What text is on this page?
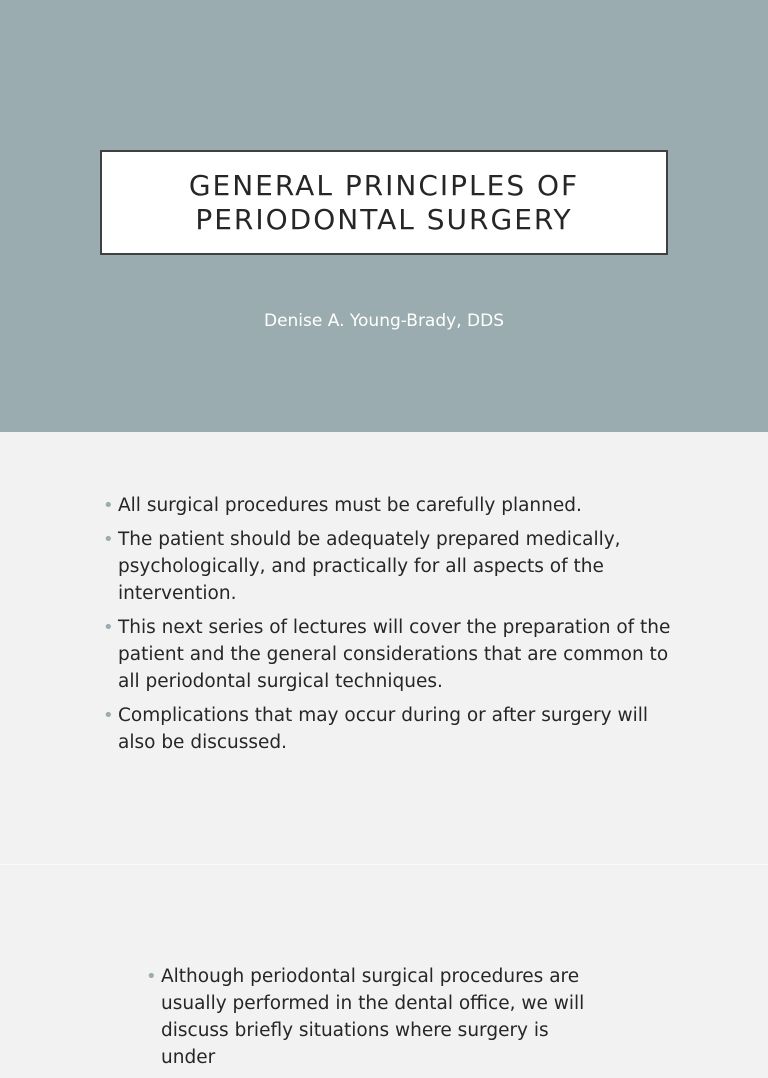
GENERAL PRINCIPLES OF
PERIODONTAL SURGERY
Denise A. Young-Brady, DDS
• All surgical procedures must be carefully planned.
• The patient should be adequately prepared medically, psychologically, and practically for all aspects of the intervention.
• This next series of lectures will cover the preparation of the patient and the general considerations that are common to all periodontal surgical techniques.
• Complications that may occur during or after surgery will also be discussed.
• Although periodontal surgical procedures are usually performed in the dental office, we will discuss briefly situations where surgery is under
